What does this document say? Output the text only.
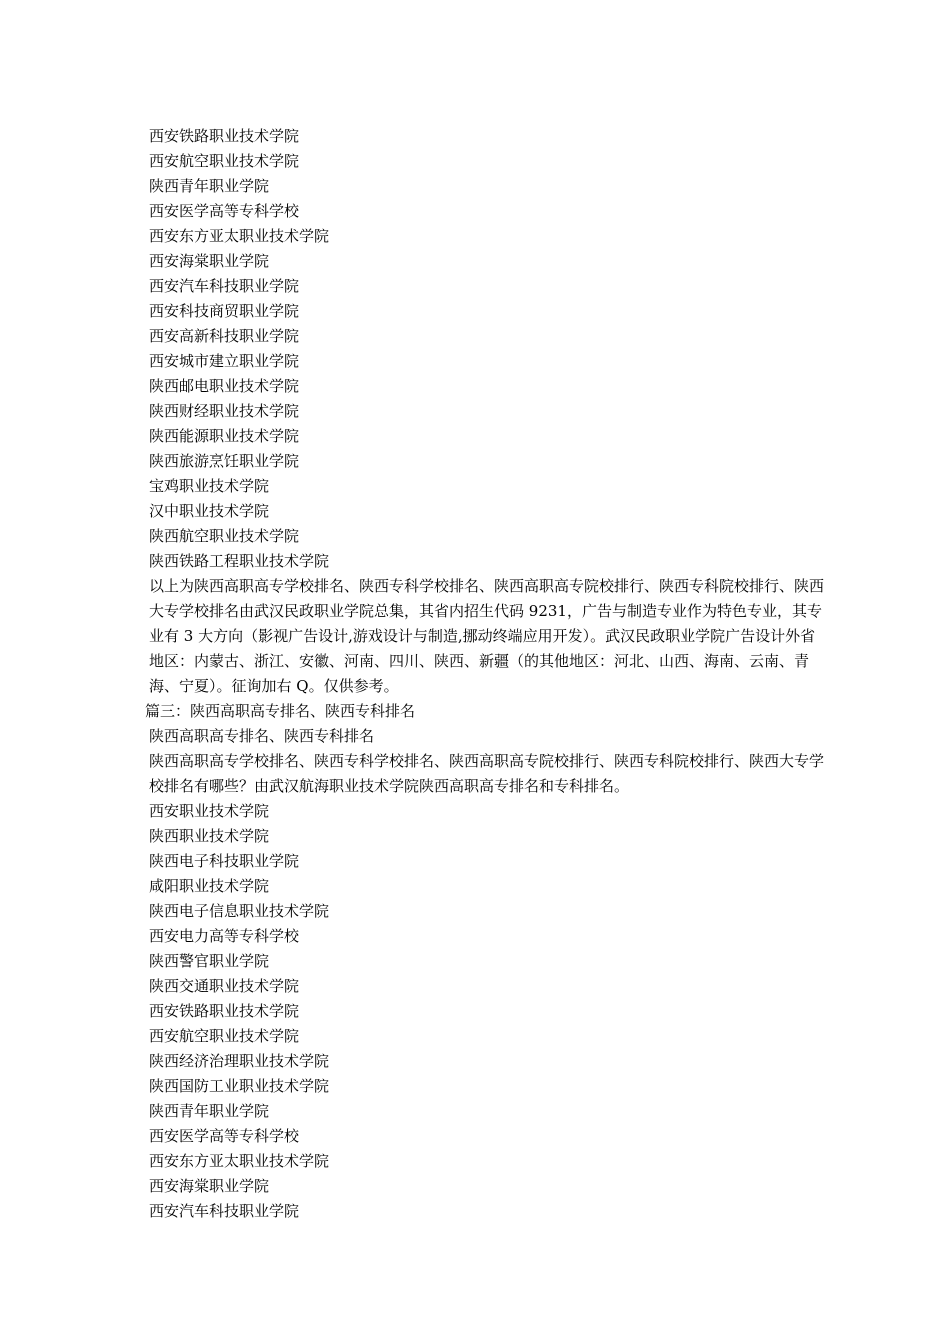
西安铁路职业技术学院
西安航空职业技术学院
陕西青年职业学院
西安医学高等专科学校
西安东方亚太职业技术学院
西安海棠职业学院
西安汽车科技职业学院
西安科技商贸职业学院
西安高新科技职业学院
西安城市建立职业学院
陕西邮电职业技术学院
陕西财经职业技术学院
陕西能源职业技术学院
陕西旅游烹饪职业学院
宝鸡职业技术学院
汉中职业技术学院
陕西航空职业技术学院
陕西铁路工程职业技术学院
以上为陕西高职高专学校排名、陕西专科学校排名、陕西高职高专院校排行、陕西专科院校排行、陕西大专学校排名由武汉民政职业学院总集，其省内招生代码 9231，广告与制造专业作为特色专业，其专业有 3 大方向（影视广告设计,游戏设计与制造,挪动终端应用开发）。武汉民政职业学院广告设计外省地区：内蒙古、浙江、安徽、河南、四川、陕西、新疆（的其他地区：河北、山西、海南、云南、青海、宁夏）。征询加右 Q。仅供参考。
篇三：陕西高职高专排名、陕西专科排名
陕西高职高专排名、陕西专科排名
陕西高职高专学校排名、陕西专科学校排名、陕西高职高专院校排行、陕西专科院校排行、陕西大专学校排名有哪些？由武汉航海职业技术学院陕西高职高专排名和专科排名。
西安职业技术学院
陕西职业技术学院
陕西电子科技职业学院
咸阳职业技术学院
陕西电子信息职业技术学院
西安电力高等专科学校
陕西警官职业学院
陕西交通职业技术学院
西安铁路职业技术学院
西安航空职业技术学院
陕西经济治理职业技术学院
陕西国防工业职业技术学院
陕西青年职业学院
西安医学高等专科学校
西安东方亚太职业技术学院
西安海棠职业学院
西安汽车科技职业学院
